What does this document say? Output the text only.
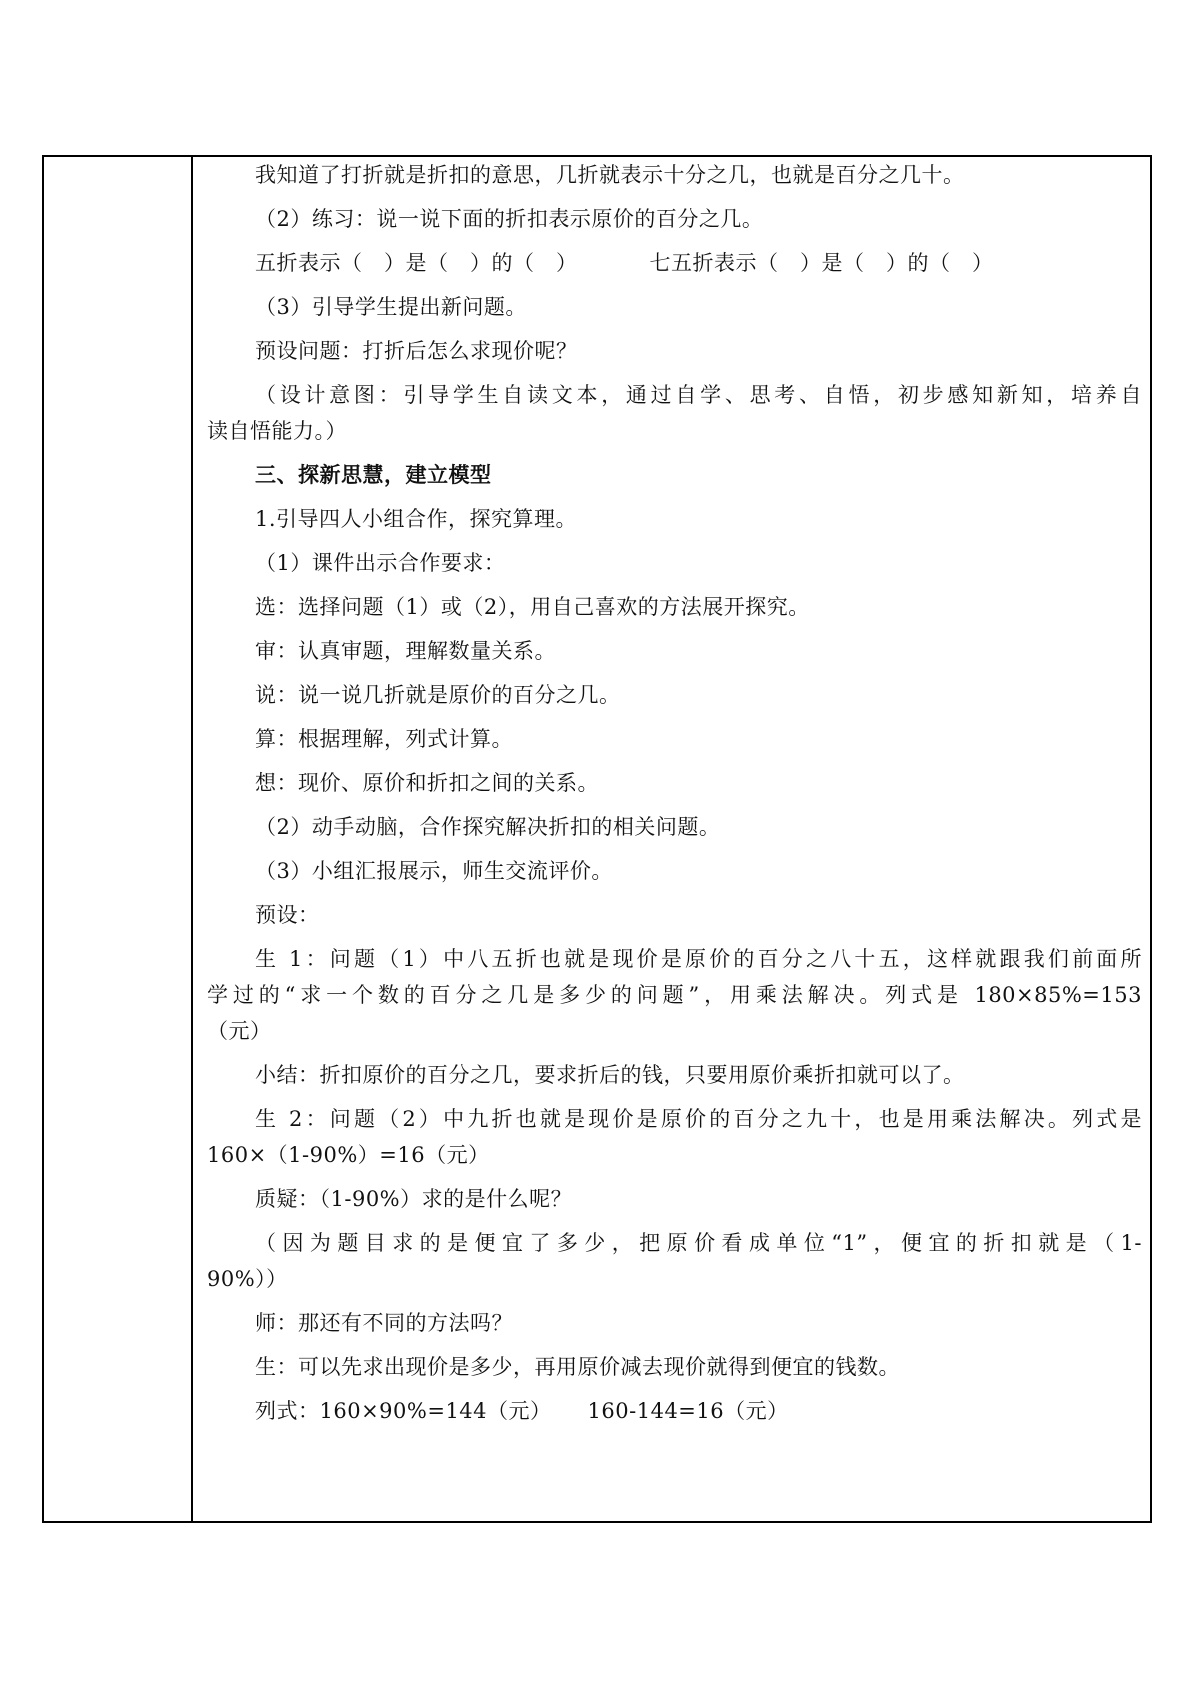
我知道了打折就是折扣的意思，几折就表示十分之几，也就是百分之几十。
（2）练习：说一说下面的折扣表示原价的百分之几。
五折表示（　）是（　）的（　）	七五折表示（　）是（　）的（　）
（3）引导学生提出新问题。
预设问题：打折后怎么求现价呢？
（设计意图：引导学生自读文本，通过自学、思考、自悟，初步感知新知，培养自
读自悟能力。）
三、探新思慧，建立模型
1.引导四人小组合作，探究算理。
（1）课件出示合作要求：
选：选择问题（1）或（2），用自己喜欢的方法展开探究。
审：认真审题，理解数量关系。
说：说一说几折就是原价的百分之几。
算：根据理解，列式计算。
想：现价、原价和折扣之间的关系。
（2）动手动脑，合作探究解决折扣的相关问题。
（3）小组汇报展示，师生交流评价。
预设：
生 1：问题（1）中八五折也就是现价是原价的百分之八十五，这样就跟我们前面所
学过的“求一个数的百分之几是多少的问题”，用乘法解决。列式是 180×85%=153
（元）
小结：折扣原价的百分之几，要求折后的钱，只要用原价乘折扣就可以了。
生 2：问题（2）中九折也就是现价是原价的百分之九十，也是用乘法解决。列式是
160×（1-90%）=16（元）
质疑：（1-90%）求的是什么呢？
（因为题目求的是便宜了多少，把原价看成单位“1”，便宜的折扣就是（1-
90%））
师：那还有不同的方法吗？
生：可以先求出现价是多少，再用原价减去现价就得到便宜的钱数。
列式：160×90%=144（元） 160-144=16（元）
